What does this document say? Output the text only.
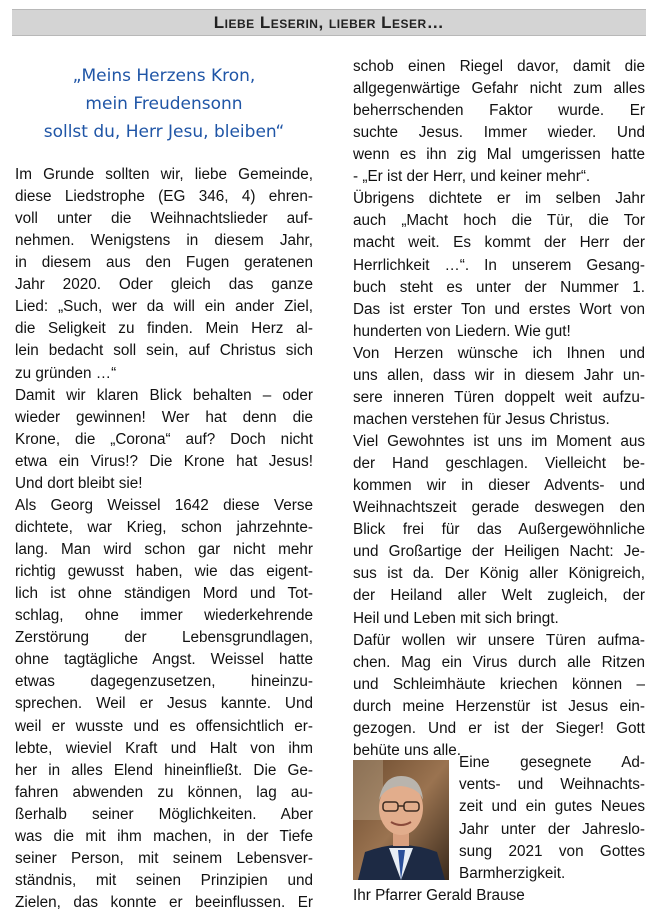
Liebe Leserin, lieber Leser…
„Meins Herzens Kron,
mein Freudensonn
sollst du, Herr Jesu, bleiben“
Im Grunde sollten wir, liebe Gemeinde,
diese Liedstrophe (EG 346, 4) ehren-
voll unter die Weihnachtslieder auf-
nehmen. Wenigstens in diesem Jahr,
in diesem aus den Fugen geratenen
Jahr 2020. Oder gleich das ganze
Lied: „Such, wer da will ein ander Ziel,
die Seligkeit zu finden. Mein Herz al-
lein bedacht soll sein, auf Christus sich
zu gründen …“
Damit wir klaren Blick behalten – oder
wieder gewinnen! Wer hat denn die
Krone, die „Corona“ auf? Doch nicht
etwa ein Virus!? Die Krone hat Jesus!
Und dort bleibt sie!
Als Georg Weissel 1642 diese Verse
dichtete, war Krieg, schon jahrzehnte-
lang. Man wird schon gar nicht mehr
richtig gewusst haben, wie das eigent-
lich ist ohne ständigen Mord und Tot-
schlag, ohne immer wiederkehrende
Zerstörung der Lebensgrundlagen,
ohne tagtägliche Angst. Weissel hatte
etwas dagegenzusetzen, hineinzu-
sprechen. Weil er Jesus kannte. Und
weil er wusste und es offensichtlich er-
lebte, wieviel Kraft und Halt von ihm
her in alles Elend hineinfließt. Die Ge-
fahren abwenden zu können, lag au-
ßerhalb seiner Möglichkeiten. Aber
was die mit ihm machen, in der Tiefe
seiner Person, mit seinem Lebensver-
ständnis, mit seinen Prinzipien und
Zielen, das konnte er beeinflussen. Er
schob einen Riegel davor, damit die
allgegenwärtige Gefahr nicht zum alles
beherrschenden Faktor wurde. Er
suchte Jesus. Immer wieder. Und
wenn es ihn zig Mal umgerissen hatte
- „Er ist der Herr, und keiner mehr“.
Übrigens dichtete er im selben Jahr
auch „Macht hoch die Tür, die Tor
macht weit. Es kommt der Herr der
Herrlichkeit …“. In unserem Gesang-
buch steht es unter der Nummer 1.
Das ist erster Ton und erstes Wort von
hunderten von Liedern. Wie gut!
Von Herzen wünsche ich Ihnen und
uns allen, dass wir in diesem Jahr un-
sere inneren Türen doppelt weit aufzu-
machen verstehen für Jesus Christus.
Viel Gewohntes ist uns im Moment aus
der Hand geschlagen. Vielleicht be-
kommen wir in dieser Advents- und
Weihnachtszeit gerade deswegen den
Blick frei für das Außergewöhnliche
und Großartige der Heiligen Nacht: Je-
sus ist da. Der König aller Königreich,
der Heiland aller Welt zugleich, der
Heil und Leben mit sich bringt.
Dafür wollen wir unsere Türen aufma-
chen. Mag ein Virus durch alle Ritzen
und Schleimhäute kriechen können –
durch meine Herzenstür ist Jesus ein-
gezogen. Und er ist der Sieger! Gott
behüte uns alle.
Eine gesegnete Ad-
vents- und Weihnachts-
zeit und ein gutes Neues
Jahr unter der Jahreslo-
sung 2021 von Gottes
Barmherzigkeit.
Ihr Pfarrer Gerald Brause
